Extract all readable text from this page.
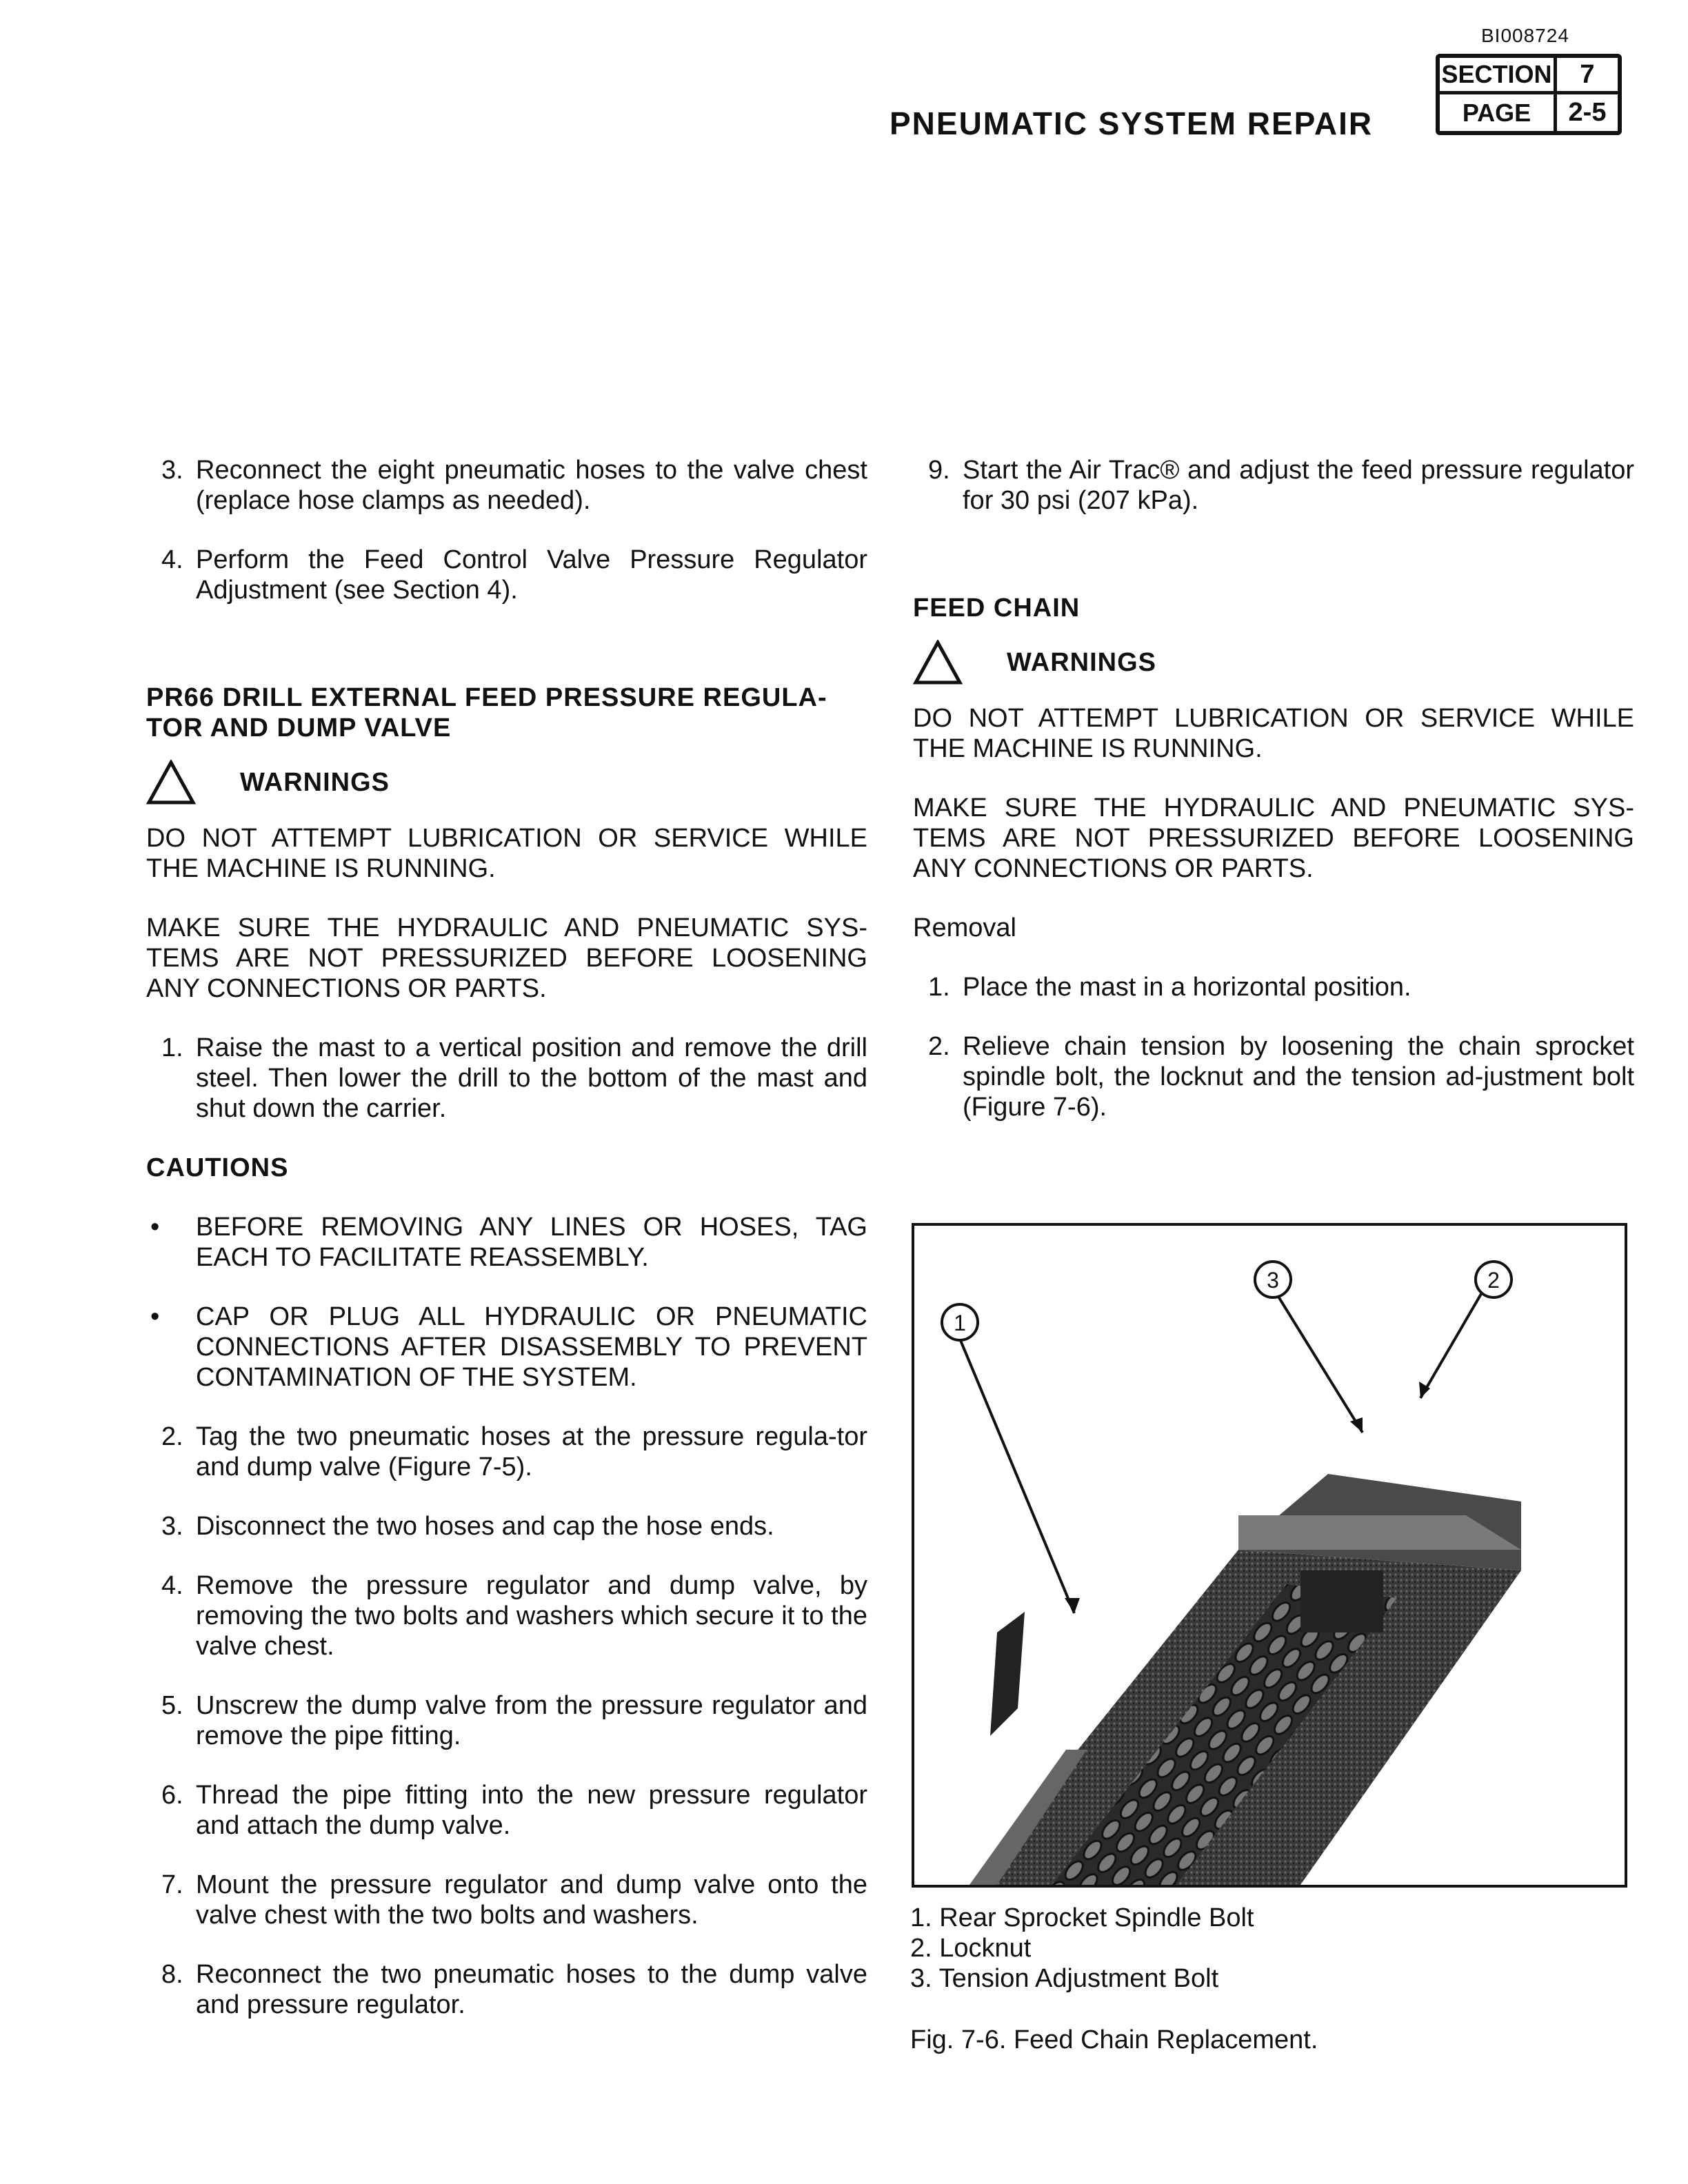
BI008724
PNEUMATIC SYSTEM REPAIR
SECTION	7
PAGE	2-5
3. Reconnect the eight pneumatic hoses to the valve chest (replace hose clamps as needed).
4. Perform the Feed Control Valve Pressure Regulator Adjustment (see Section 4).
PR66 DRILL EXTERNAL FEED PRESSURE REGULA-TOR AND DUMP VALVE
WARNINGS

DO NOT ATTEMPT LUBRICATION OR SERVICE WHILE THE MACHINE IS RUNNING.

MAKE SURE THE HYDRAULIC AND PNEUMATIC SYS-TEMS ARE NOT PRESSURIZED BEFORE LOOSENING ANY CONNECTIONS OR PARTS.

1. Raise the mast to a vertical position and remove the drill steel. Then lower the drill to the bottom of the mast and shut down the carrier.
CAUTIONS
• BEFORE REMOVING ANY LINES OR HOSES, TAG EACH TO FACILITATE REASSEMBLY.
• CAP OR PLUG ALL HYDRAULIC OR PNEUMATIC CONNECTIONS AFTER DISASSEMBLY TO PREVENT CONTAMINATION OF THE SYSTEM.
2. Tag the two pneumatic hoses at the pressure regula-tor and dump valve (Figure 7-5).
3. Disconnect the two hoses and cap the hose ends.
4. Remove the pressure regulator and dump valve, by removing the two bolts and washers which secure it to the valve chest.
5. Unscrew the dump valve from the pressure regulator and remove the pipe fitting.
6. Thread the pipe fitting into the new pressure regulator and attach the dump valve.
7. Mount the pressure regulator and dump valve onto the valve chest with the two bolts and washers.
8. Reconnect the two pneumatic hoses to the dump valve and pressure regulator.
9. Start the Air Trac® and adjust the feed pressure regulator for 30 psi (207 kPa).
FEED CHAIN
WARNINGS

DO NOT ATTEMPT LUBRICATION OR SERVICE WHILE THE MACHINE IS RUNNING.

MAKE SURE THE HYDRAULIC AND PNEUMATIC SYS-TEMS ARE NOT PRESSURIZED BEFORE LOOSENING ANY CONNECTIONS OR PARTS.

Removal

1. Place the mast in a horizontal position.
2. Relieve chain tension by loosening the chain sprocket spindle bolt, the locknut and the tension ad-justment bolt (Figure 7-6).
1
3	2
1. Rear Sprocket Spindle Bolt
2. Locknut
3. Tension Adjustment Bolt
Fig. 7-6. Feed Chain Replacement.
